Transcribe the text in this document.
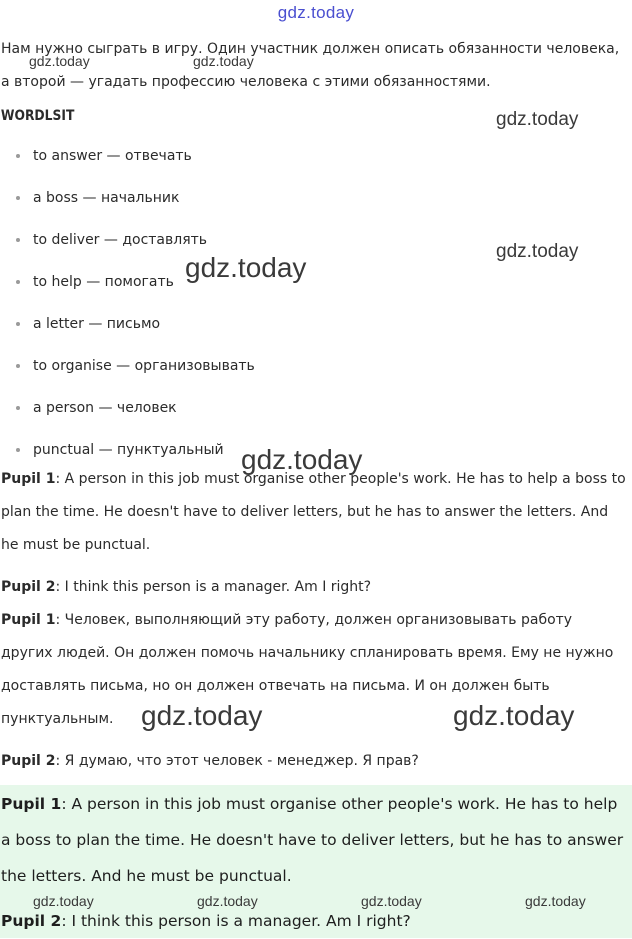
gdz.today

Нам нужно сыграть в игру. Один участник должен описать обязанности человека, а второй — угадать профессию человека с этими обязанностями.

WORDLSIT
to answer — отвечать
a boss — начальник
to deliver — доставлять
to help — помогать
a letter — письмо
to organise — организовывать
a person — человек
punctual — пунктуальный

Pupil 1: A person in this job must organise other people's work. He has to help a boss to plan the time. He doesn't have to deliver letters, but he has to answer the letters. And he must be punctual.

Pupil 2: I think this person is a manager. Am I right?

Pupil 1: Человек, выполняющий эту работу, должен организовывать работу других людей. Он должен помочь начальнику спланировать время. Ему не нужно доставлять письма, но он должен отвечать на письма. И он должен быть пунктуальным.

Pupil 2: Я думаю, что этот человек - менеджер. Я прав?

Pupil 1: A person in this job must organise other people's work. He has to help a boss to plan the time. He doesn't have to deliver letters, but he has to answer the letters. And he must be punctual.

Pupil 2: I think this person is a manager. Am I right?

gdz.today	gdz.today
gdz.today
gdz.today
gdz.today
gdz.today
gdz.today	gdz.today
gdz.today	gdz.today	gdz.today	gdz.today
